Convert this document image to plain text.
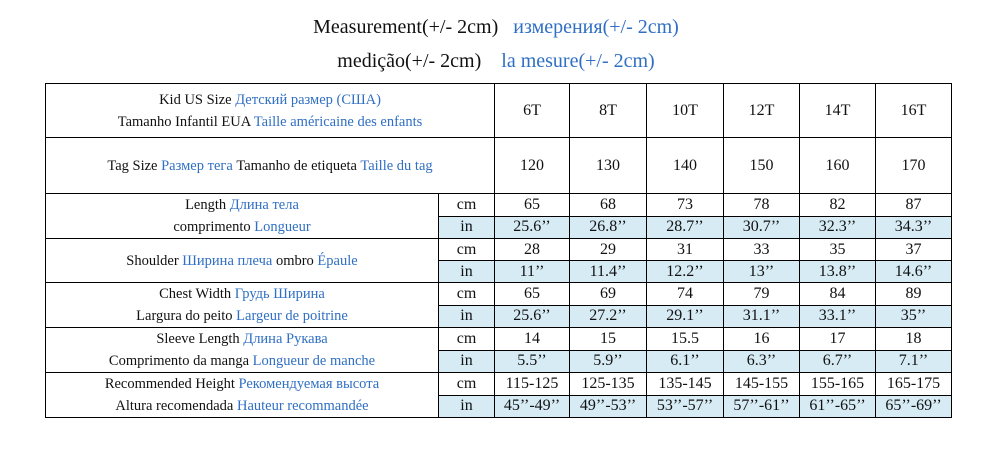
Measurement(+/- 2cm) измерения(+/- 2cm)
medição(+/- 2cm) la mesure(+/- 2cm)
Kid US Size Детский размер (США)
Tamanho Infantil EUA Taille américaine des enfants		6T	8T	10T	12T	14T	16T
Tag Size Размер тега Tamanho de etiqueta Taille du tag		120	130	140	150	160	170

Length Длина тела
comprimento Longueur	cm	65	68	73	78	82	87
	in	25.6’’	26.8’’	28.7’’	30.7’’	32.3’’	34.3’’
Shoulder Ширина плеча ombro Épaule	cm	28	29	31	33	35	37
	in	11’’	11.4’’	12.2’’	13’’	13.8’’	14.6’’

Chest Width Грудь Ширина
Largura do peito Largeur de poitrine	cm	65	69	74	79	84	89
	in	25.6’’	27.2’’	29.1’’	31.1’’	33.1’’	35’’

Sleeve Length Длина Рукава
Comprimento da manga Longueur de manche	cm	14	15	15.5	16	17	18
	in	5.5’’	5.9’’	6.1’’	6.3’’	6.7’’	7.1’’

Recommended Height Рекомендуемая высота
Altura recomendada Hauteur recommandée	cm	115-125	125-135	135-145	145-155	155-165	165-175
	in	45’’-49’’	49’’-53’’	53’’-57’’	57’’-61’’	61’’-65’’	65’’-69’’
